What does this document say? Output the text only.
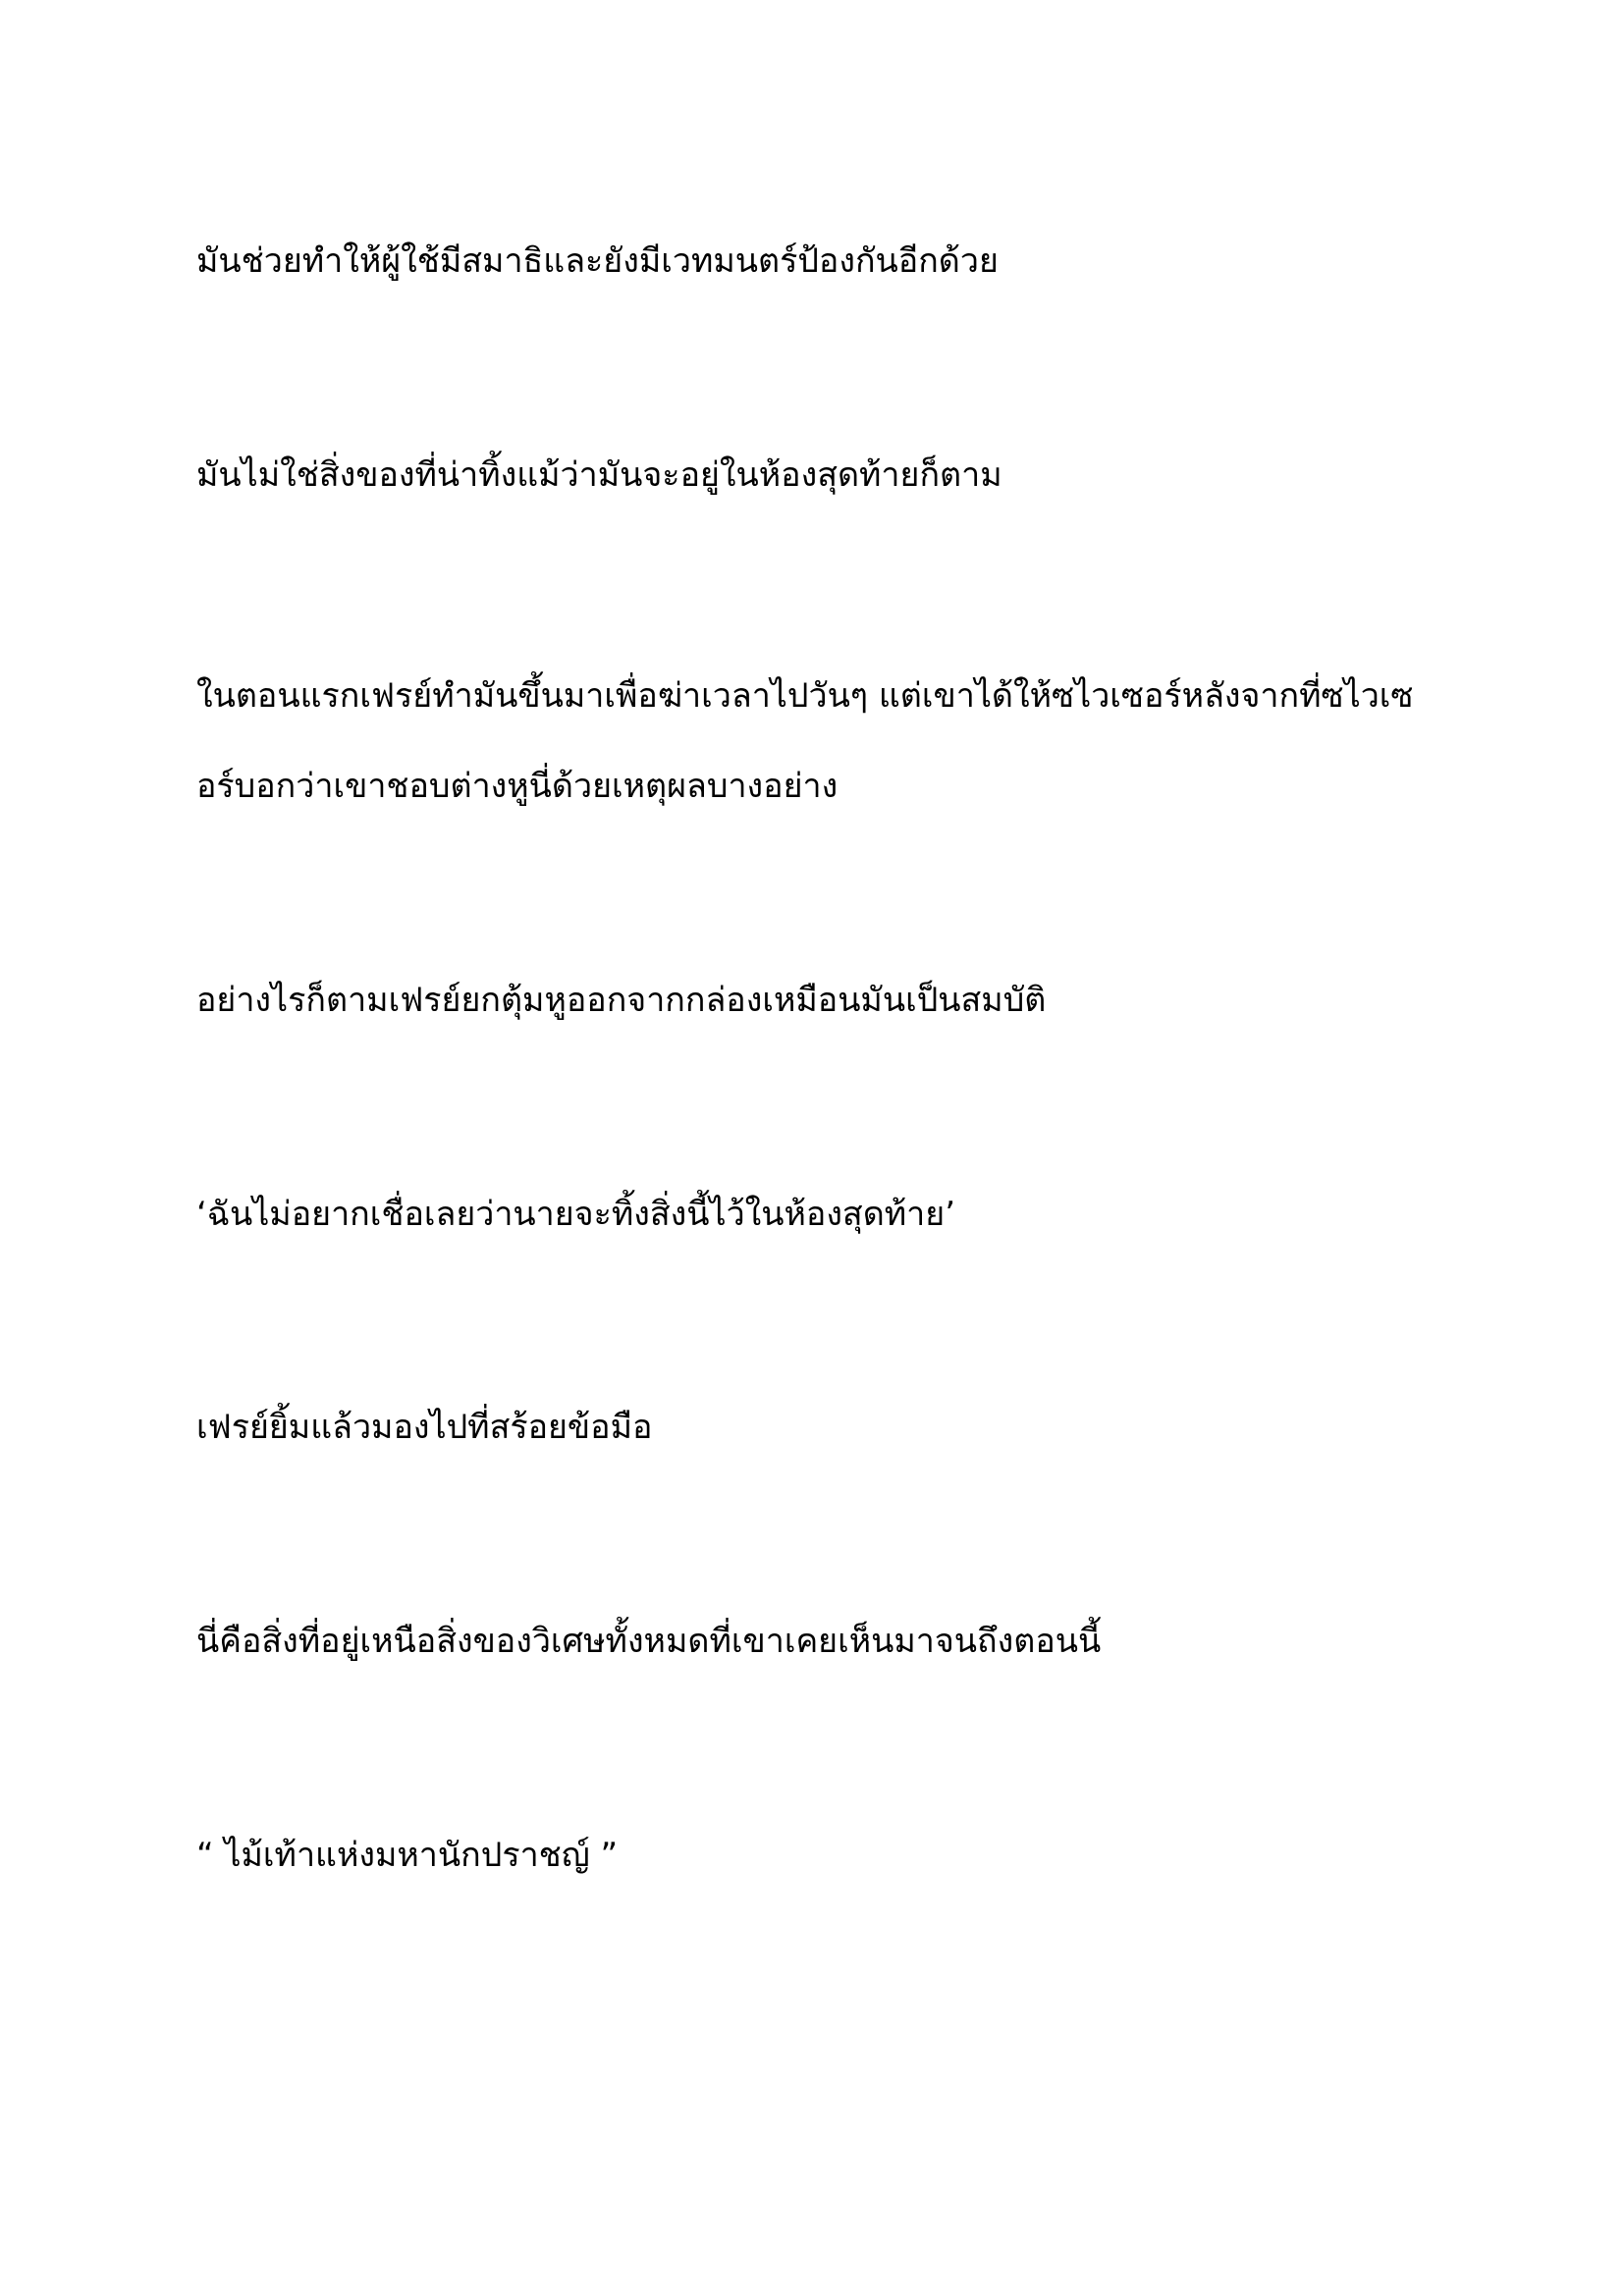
มันช่วยทำให้ผู้ใช้มีสมาธิและยังมีเวทมนตร์ป้องกันอีกด้วย

มันไม่ใช่สิ่งของที่น่าทิ้งแม้ว่ามันจะอยู่ในห้องสุดท้ายก็ตาม

ในตอนแรกเฟรย์ทำมันขึ้นมาเพื่อฆ่าเวลาไปวันๆ แต่เขาได้ให้ซไวเซอร์หลังจากที่ซไวเซ

อร์บอกว่าเขาชอบต่างหูนี่ด้วยเหตุผลบางอย่าง

อย่างไรก็ตามเฟรย์ยกตุ้มหูออกจากกล่องเหมือนมันเป็นสมบัติ

‘ฉันไม่อยากเชื่อเลยว่านายจะทิ้งสิ่งนี้ไว้ในห้องสุดท้าย’

เฟรย์ยิ้มแล้วมองไปที่สร้อยข้อมือ

นี่คือสิ่งที่อยู่เหนือสิ่งของวิเศษทั้งหมดที่เขาเคยเห็นมาจนถึงตอนนี้

“ ไม้เท้าแห่งมหานักปราชญ์ ”
